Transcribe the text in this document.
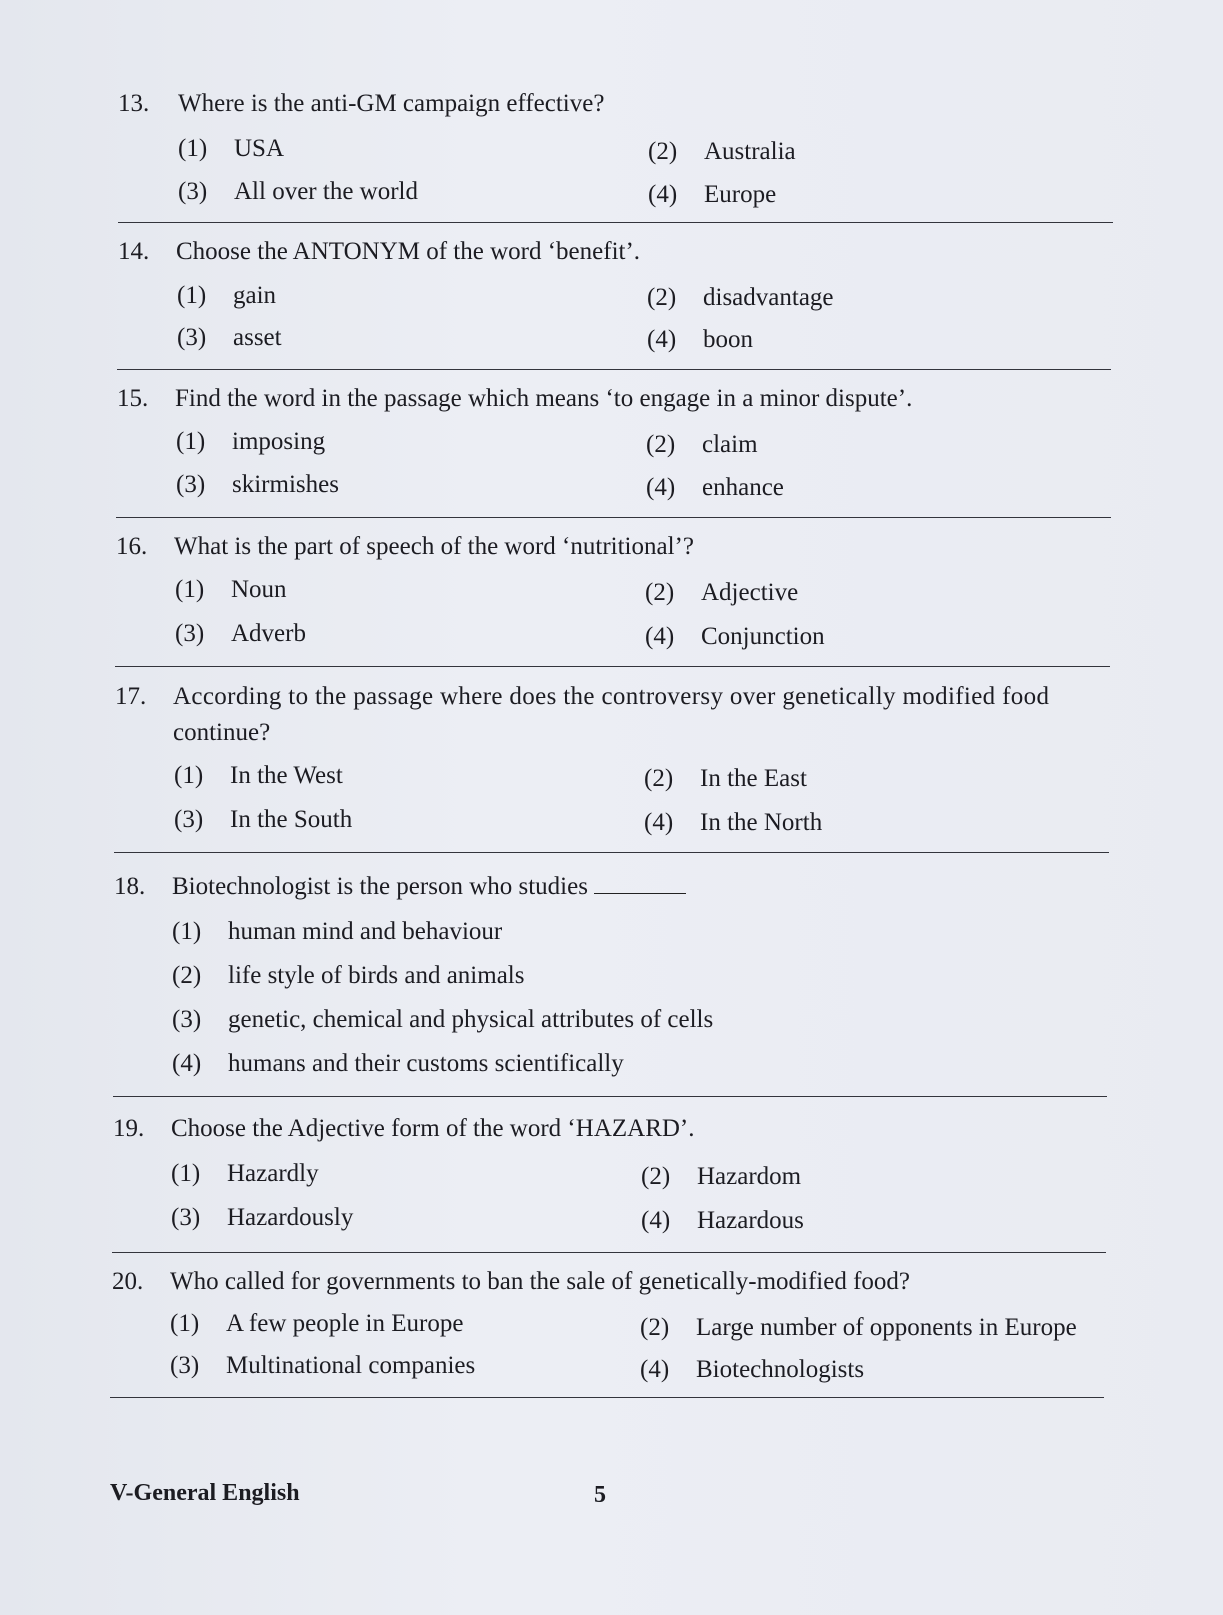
13. Where is the anti-GM campaign effective?
(1) USA	(2) Australia
(3) All over the world	(4) Europe
14. Choose the ANTONYM of the word ‘benefit’.
(1) gain	(2) disadvantage
(3) asset	(4) boon
15. Find the word in the passage which means ‘to engage in a minor dispute’.
(1) imposing	(2) claim
(3) skirmishes	(4) enhance
16. What is the part of speech of the word ‘nutritional’?
(1) Noun	(2) Adjective
(3) Adverb	(4) Conjunction
17. According to the passage where does the controversy over genetically modified food
continue?
(1) In the West	(2) In the East
(3) In the South	(4) In the North
18. Biotechnologist is the person who studies
(1) human mind and behaviour
(2) life style of birds and animals
(3) genetic, chemical and physical attributes of cells
(4) humans and their customs scientifically
19. Choose the Adjective form of the word ‘HAZARD’.
(1) Hazardly	(2) Hazardom
(3) Hazardously	(4) Hazardous
20. Who called for governments to ban the sale of genetically-modified food?
(1) A few people in Europe	(2) Large number of opponents in Europe
(3) Multinational companies	(4) Biotechnologists
V-General English	5
